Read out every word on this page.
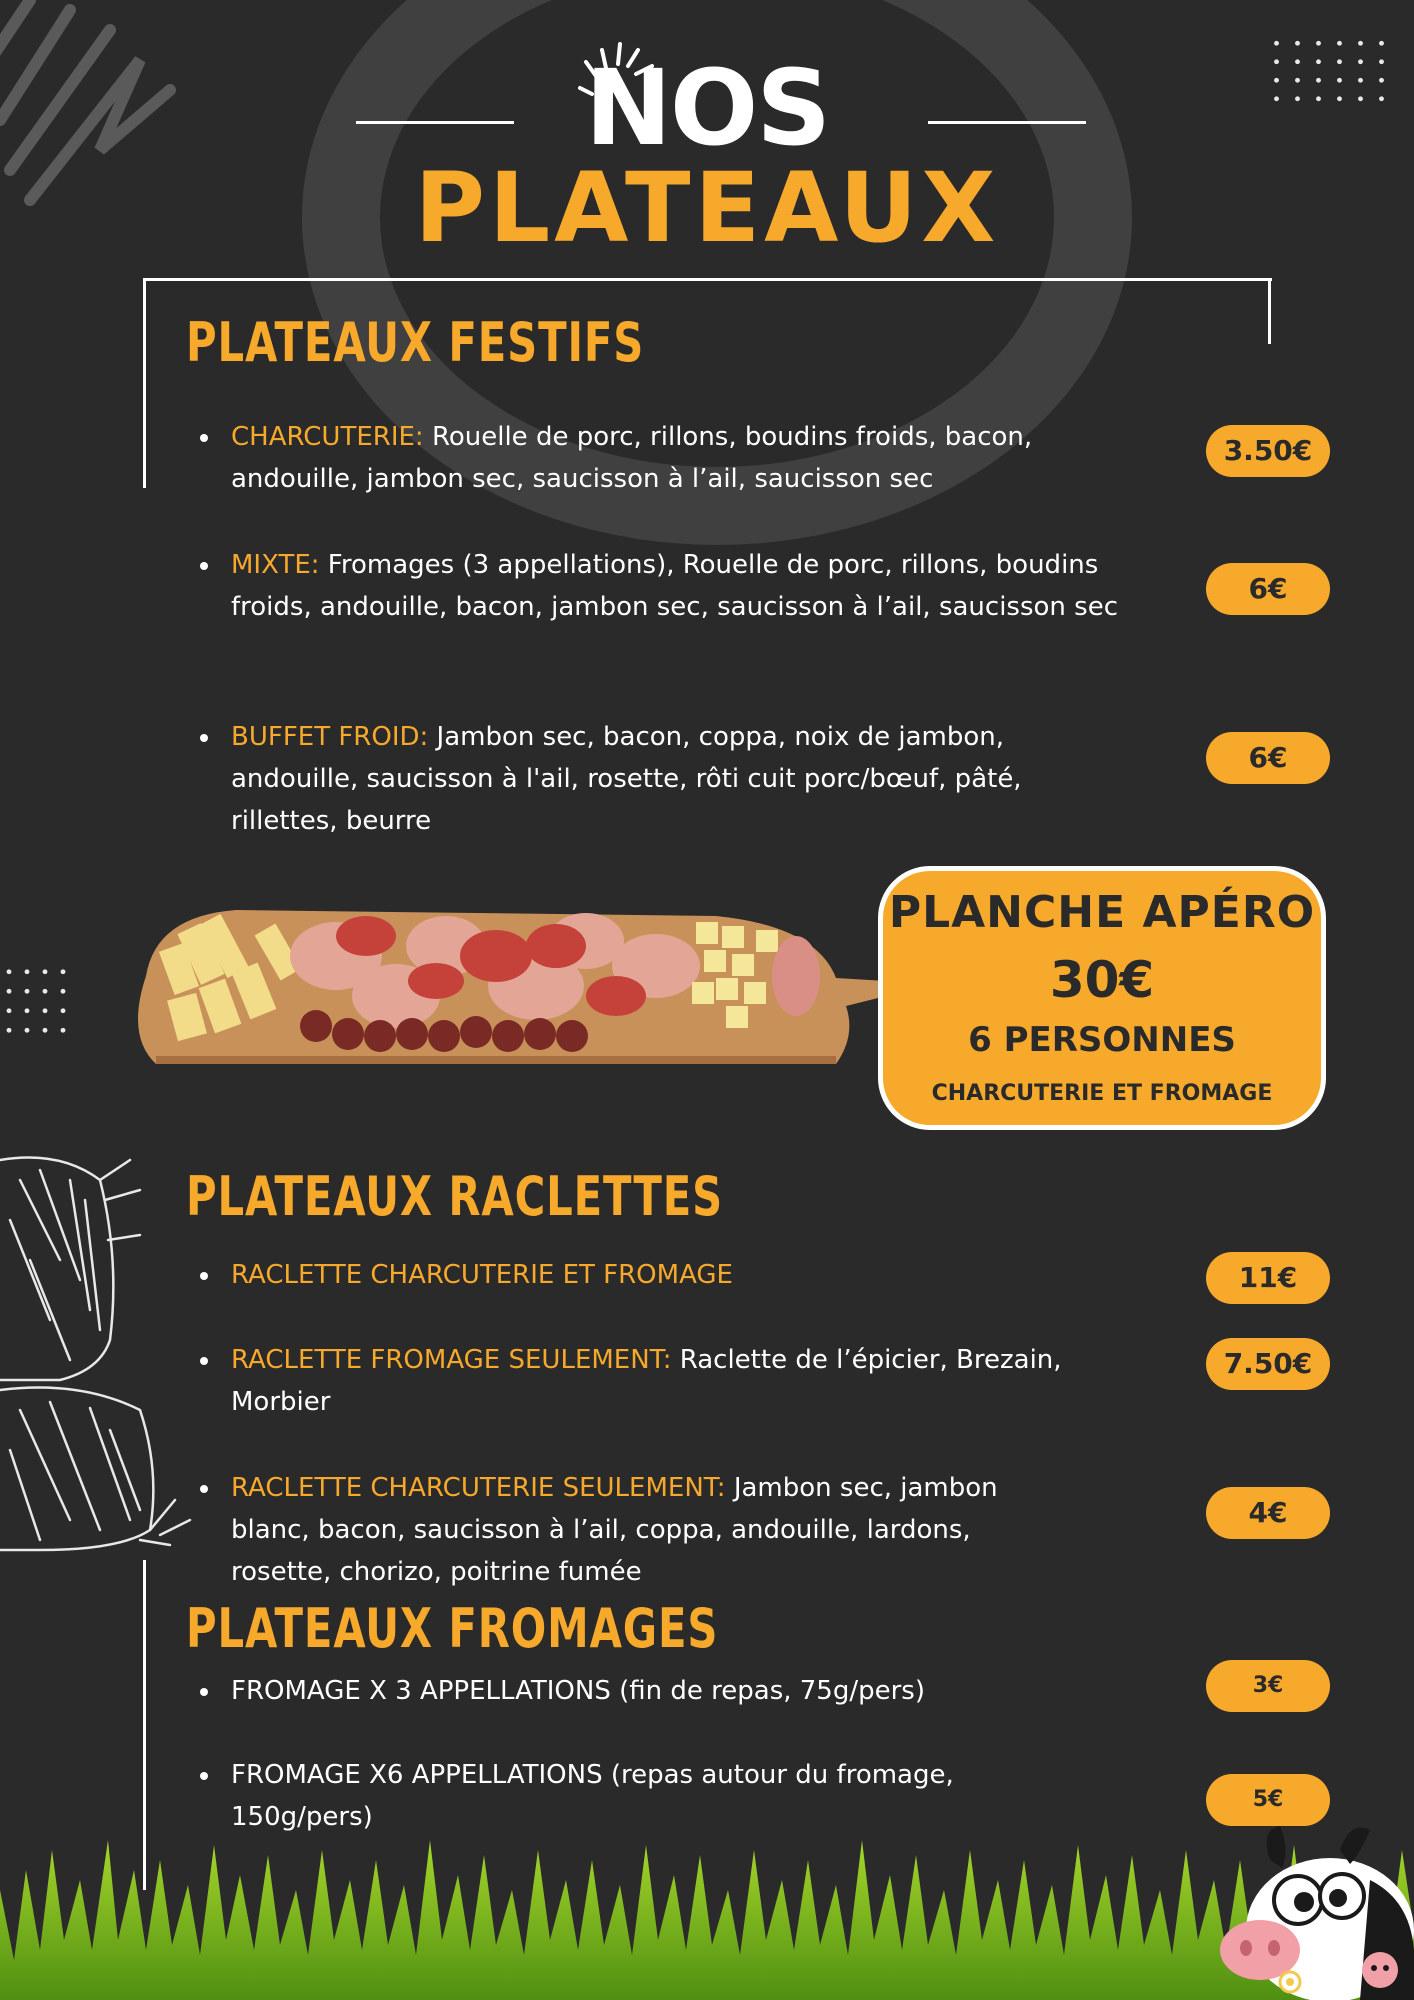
NOS
PLATEAUX
PLATEAUX FESTIFS
CHARCUTERIE: Rouelle de porc, rillons, boudins froids, bacon, andouille, jambon sec, saucisson à l’ail, saucisson sec
3.50€
MIXTE: Fromages (3 appellations), Rouelle de porc, rillons, boudins froids, andouille, bacon, jambon sec, saucisson à l’ail, saucisson sec
6€
BUFFET FROID: Jambon sec, bacon, coppa, noix de jambon, andouille, saucisson à l'ail, rosette, rôti cuit porc/bœuf, pâté, rillettes, beurre
6€
PLANCHE APÉRO
30€
6 PERSONNES
CHARCUTERIE ET FROMAGE
PLATEAUX RACLETTES
RACLETTE CHARCUTERIE ET FROMAGE	11€
RACLETTE FROMAGE SEULEMENT: Raclette de l’épicier, Brezain, Morbier
7.50€
RACLETTE CHARCUTERIE SEULEMENT: Jambon sec, jambon blanc, bacon, saucisson à l’ail, coppa, andouille, lardons, rosette, chorizo, poitrine fumée
4€
PLATEAUX FROMAGES
FROMAGE X 3 APPELLATIONS (fin de repas, 75g/pers)	3€
FROMAGE X6 APPELLATIONS (repas autour du fromage, 150g/pers)
5€
